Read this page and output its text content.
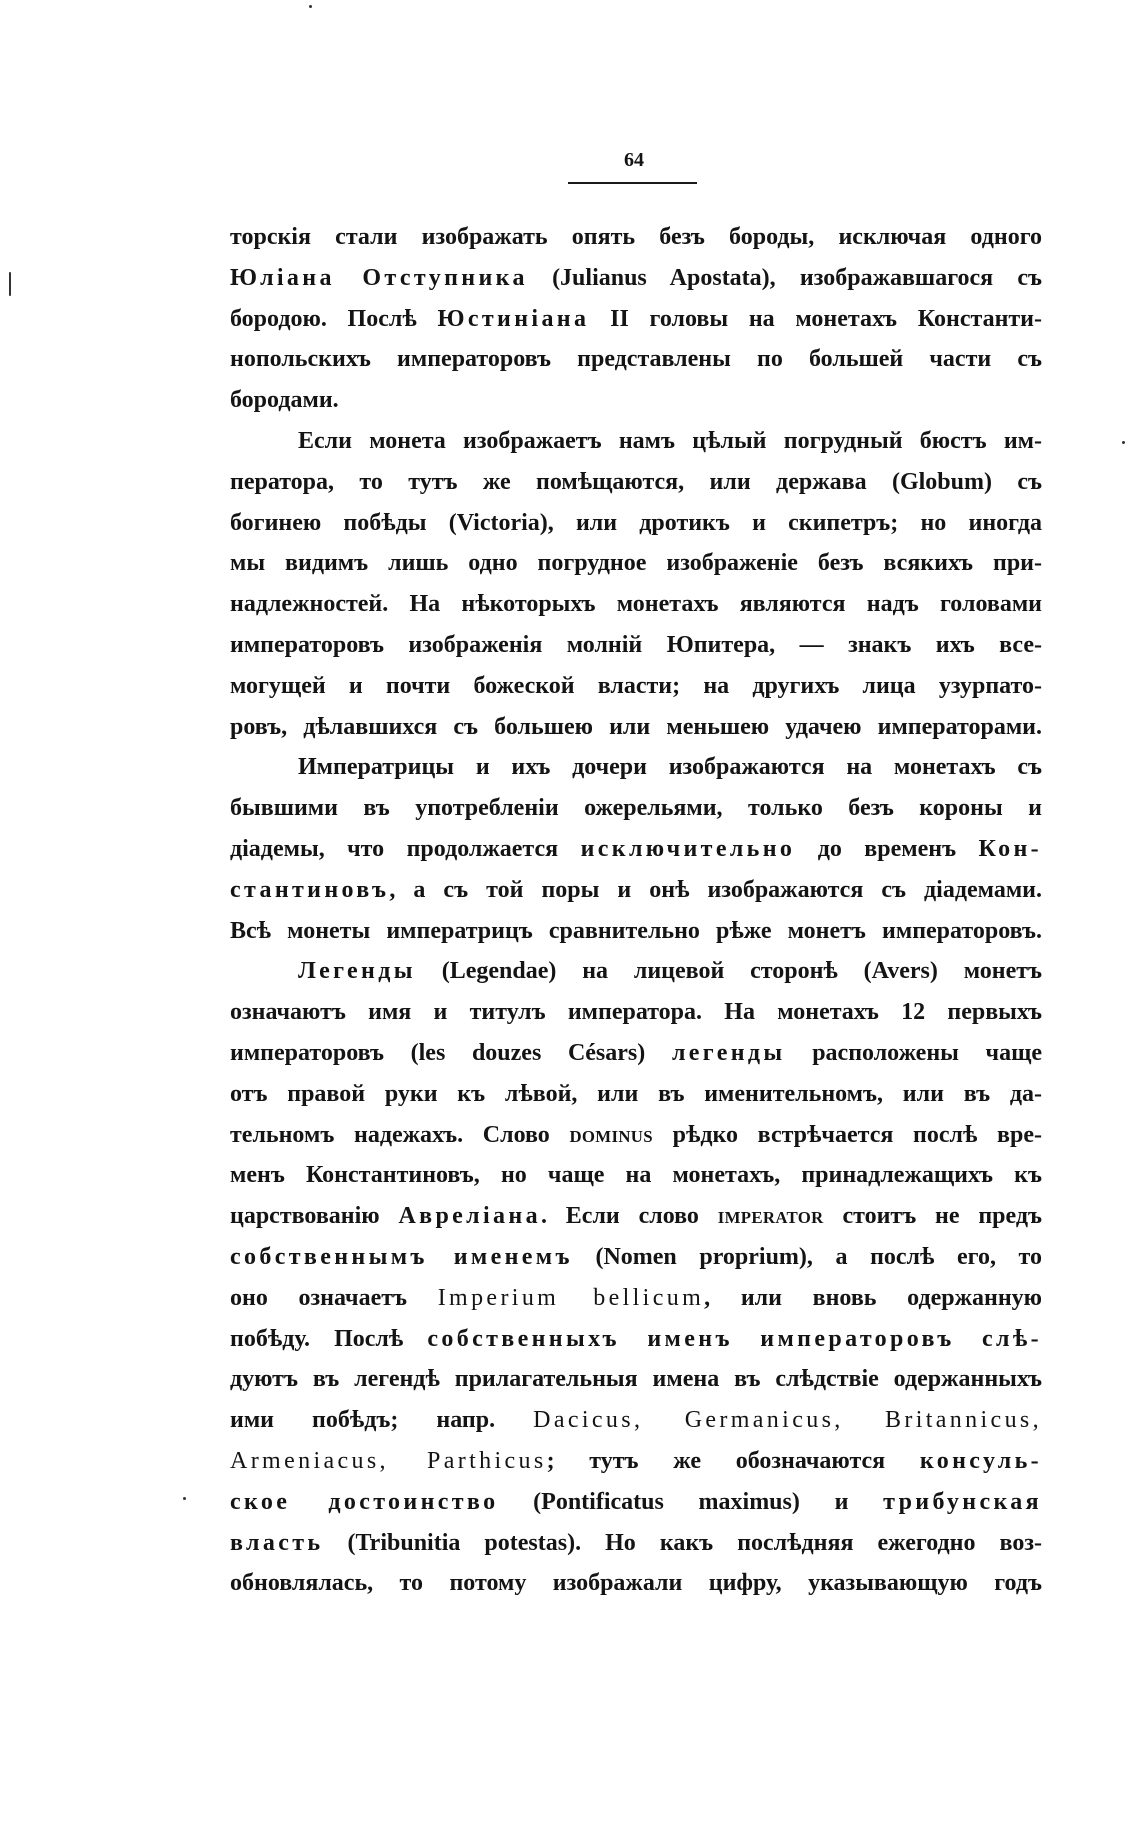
64
торскія стали изображать опять безъ бороды, исключая одного
Юліана Отступника (Julianus Apostata), изображавшагося съ
бородою. Послѣ Юстиніана II головы на монетахъ Константи-
нопольскихъ императоровъ представлены по большей части съ
бородами.
Если монета изображаетъ намъ цѣлый погрудный бюстъ им-
ператора, то тутъ же помѣщаются, или держава (Globum) съ
богинею побѣды (Victoria), или дротикъ и скипетръ; но иногда
мы видимъ лишь одно погрудное изображеніе безъ всякихъ при-
надлежностей. На нѣкоторыхъ монетахъ являются надъ головами
императоровъ изображенія молній Юпитера, — знакъ ихъ все-
могущей и почти божеской власти; на другихъ лица узурпато-
ровъ, дѣлавшихся съ большею или меньшею удачею императорами.
Императрицы и ихъ дочери изображаются на монетахъ съ
бывшими въ употребленіи ожерельями, только безъ короны и
діадемы, что продолжается исключительно до временъ Кон-
стантиновъ, а съ той поры и онѣ изображаются съ діадемами.
Всѣ монеты императрицъ сравнительно рѣже монетъ императоровъ.
Легенды (Legendae) на лицевой сторонѣ (Avers) монетъ
означаютъ имя и титулъ императора. На монетахъ 12 первыхъ
императоровъ (les douzes Césars) легенды расположены чаще
отъ правой руки къ лѣвой, или въ именительномъ, или въ да-
тельномъ надежахъ. Слово DOMINUS рѣдко встрѣчается послѣ вре-
менъ Константиновъ, но чаще на монетахъ, принадлежащихъ къ
царствованію Авреліана. Если слово IMPERATOR стоитъ не предъ
собственнымъ именемъ (Nomen proprium), а послѣ его, то
оно означаетъ Imperium bellicum, или вновь одержанную
побѣду. Послѣ собственныхъ именъ императоровъ слѣ-
дуютъ въ легендѣ прилагательныя имена въ слѣдствіе одержанныхъ
ими побѣдъ; напр. Dacicus, Germanicus, Britannicus,
Armeniacus, Parthicus; тутъ же обозначаются консуль-
ское достоинство (Pontificatus maximus) и трибунская
власть (Tribunitia potestas). Но какъ послѣдняя ежегодно воз-
обновлялась, то потому изображали цифру, указывающую годъ
